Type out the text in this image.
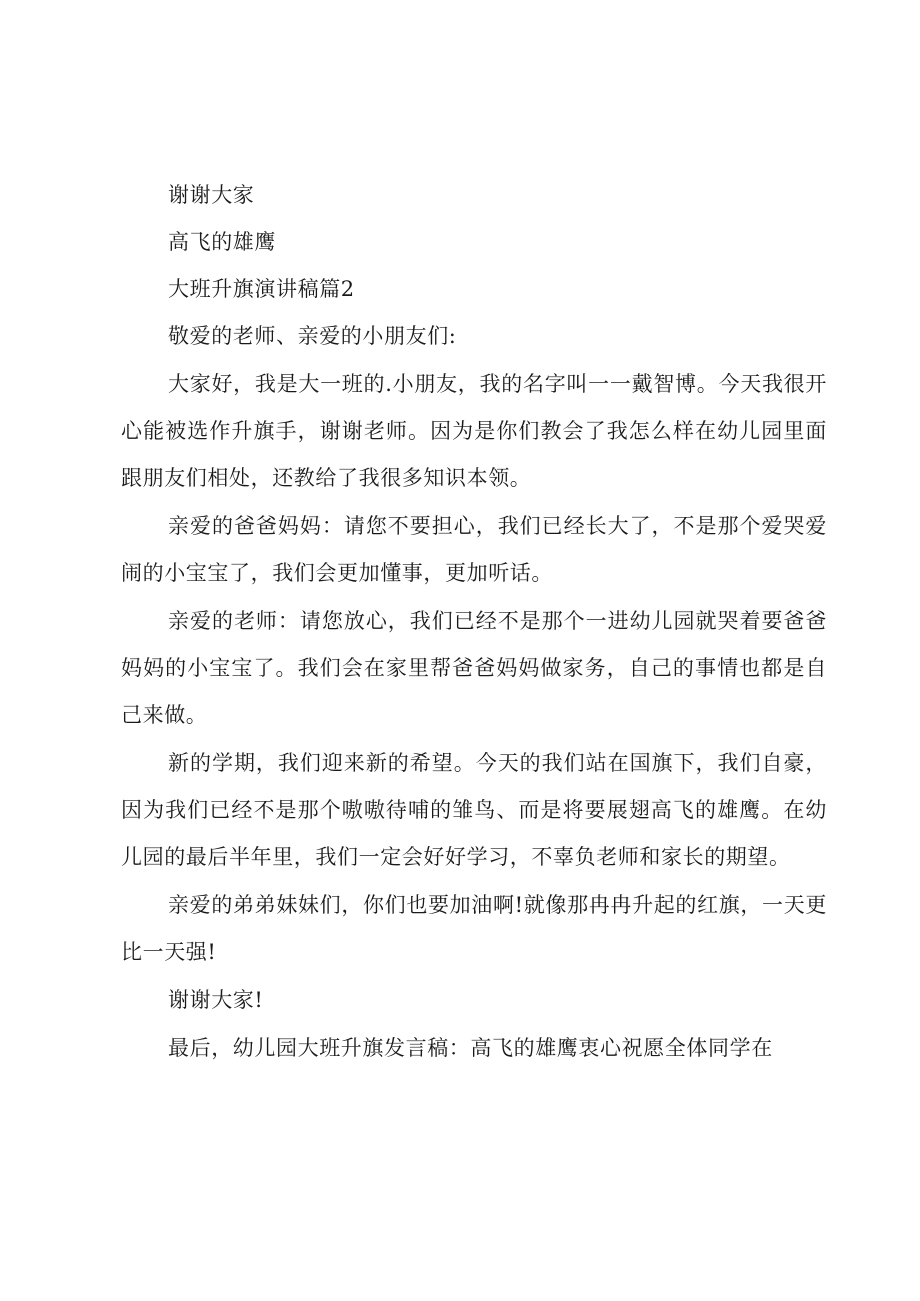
谢谢大家

高飞的雄鹰

大班升旗演讲稿篇2

敬爱的老师、亲爱的小朋友们:

大家好，我是大一班的.小朋友，我的名字叫一一戴智博。今天我很开心能被选作升旗手，谢谢老师。因为是你们教会了我怎么样在幼儿园里面跟朋友们相处，还教给了我很多知识本领。

亲爱的爸爸妈妈：请您不要担心，我们已经长大了，不是那个爱哭爱闹的小宝宝了，我们会更加懂事，更加听话。

亲爱的老师：请您放心，我们已经不是那个一进幼儿园就哭着要爸爸妈妈的小宝宝了。我们会在家里帮爸爸妈妈做家务，自己的事情也都是自己来做。

新的学期，我们迎来新的希望。今天的我们站在国旗下，我们自豪，因为我们已经不是那个嗷嗷待哺的雏鸟、而是将要展翅高飞的雄鹰。在幼儿园的最后半年里，我们一定会好好学习，不辜负老师和家长的期望。

亲爱的弟弟妹妹们，你们也要加油啊!就像那冉冉升起的红旗，一天更比一天强!

谢谢大家!

最后，幼儿园大班升旗发言稿：高飞的雄鹰衷心祝愿全体同学在
